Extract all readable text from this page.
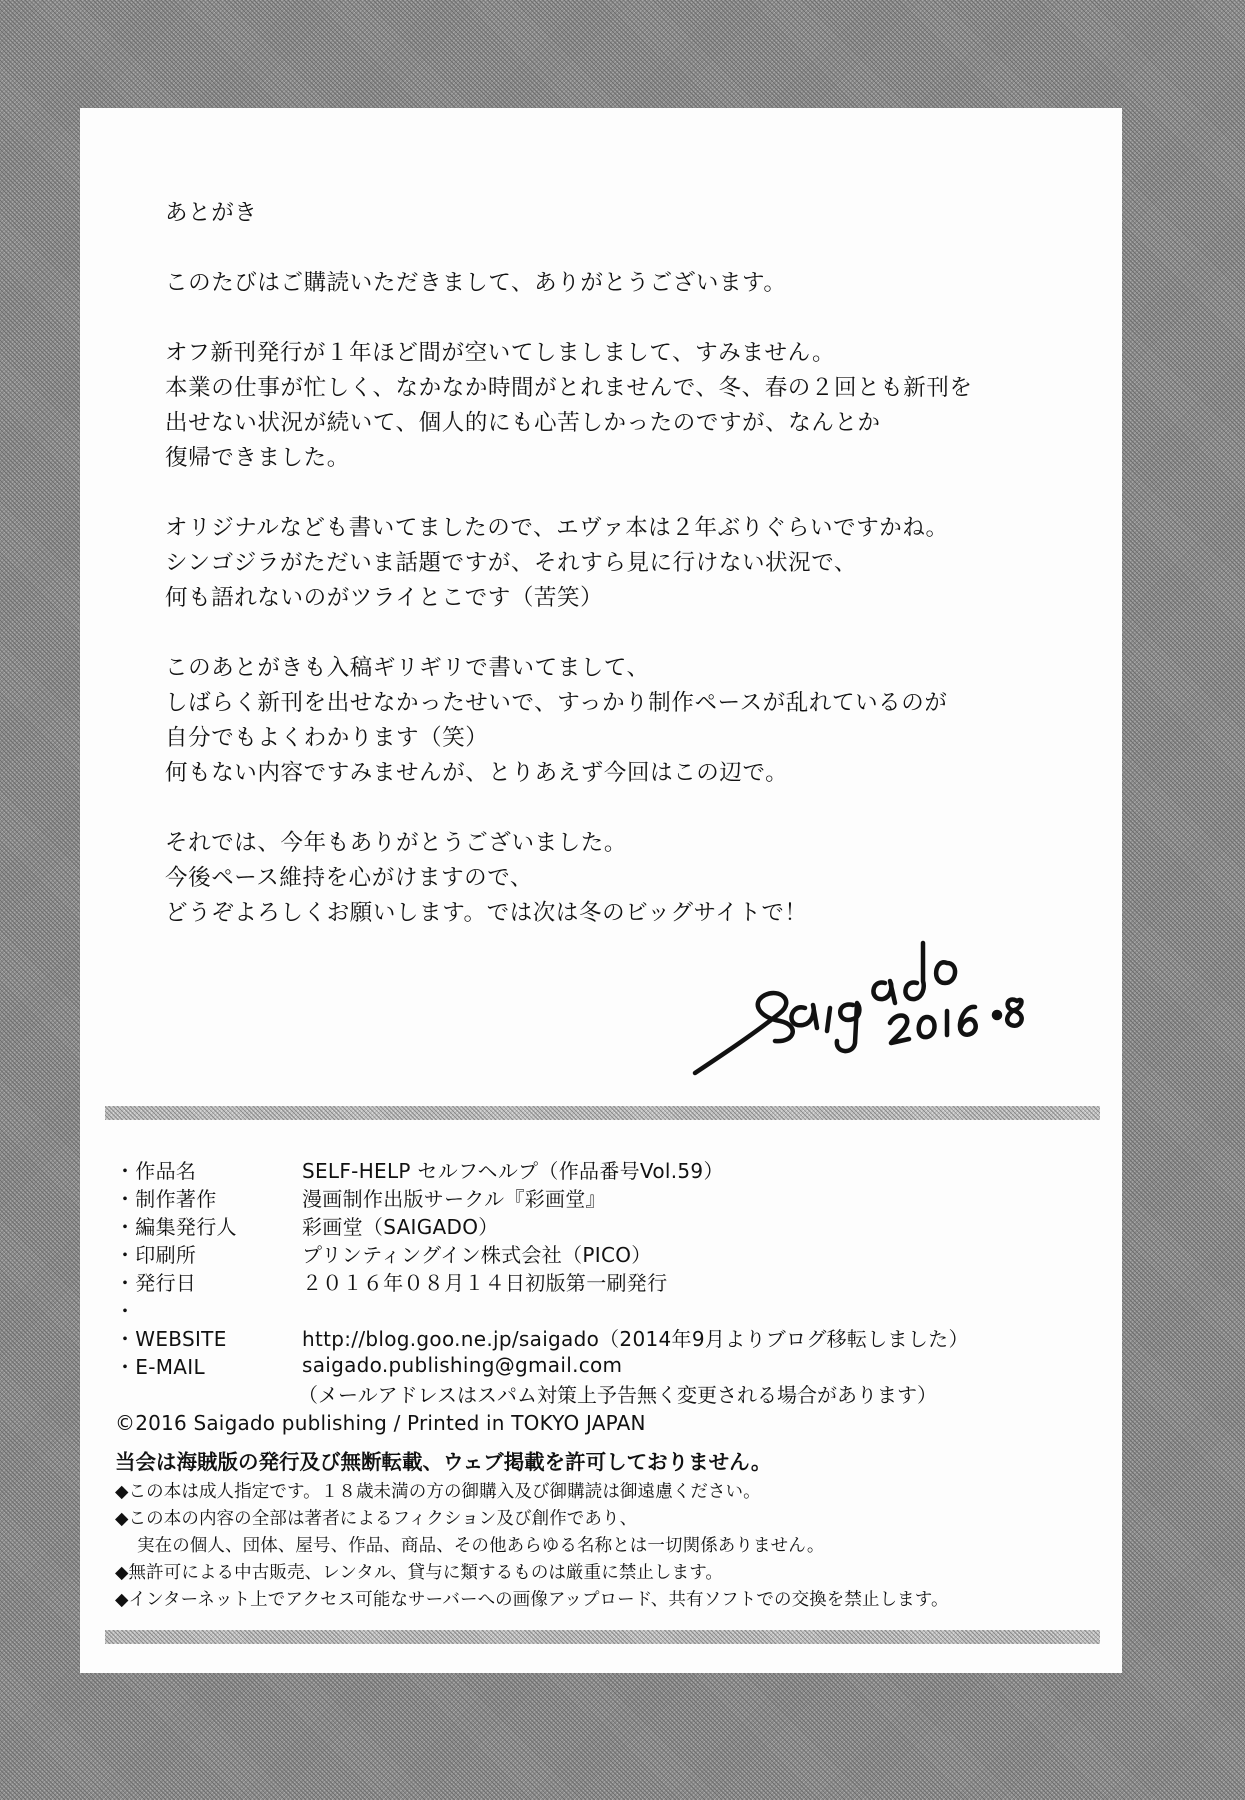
あとがき

このたびはご購読いただきまして、ありがとうございます。

オフ新刊発行が１年ほど間が空いてしましまして、すみません。
本業の仕事が忙しく、なかなか時間がとれませんで、冬、春の２回とも新刊を
出せない状況が続いて、個人的にも心苦しかったのですが、なんとか
復帰できました。

オリジナルなども書いてましたので、エヴァ本は２年ぶりぐらいですかね。
シンゴジラがただいま話題ですが、それすら見に行けない状況で、
何も語れないのがツライとこです（苦笑）

このあとがきも入稿ギリギリで書いてまして、
しばらく新刊を出せなかったせいで、すっかり制作ペースが乱れているのが
自分でもよくわかります（笑）
何もない内容ですみませんが、とりあえず今回はこの辺で。

それでは、今年もありがとうございました。
今後ペース維持を心がけますので、
どうぞよろしくお願いします。では次は冬のビッグサイトで！

・作品名	SELF-HELP セルフヘルプ（作品番号Vol.59）
・制作著作	漫画制作出版サークル『彩画堂』
・編集発行人	彩画堂（SAIGADO）
・印刷所	プリンティングイン株式会社（PICO）
・発行日	２０１６年０８月１４日初版第一刷発行
・
・WEBSITE	http://blog.goo.ne.jp/saigado（2014年9月よりブログ移転しました）
・E-MAIL	saigado.publishing@gmail.com
（メールアドレスはスパム対策上予告無く変更される場合があります）
©2016 Saigado publishing / Printed in TOKYO JAPAN
当会は海賊版の発行及び無断転載、ウェブ掲載を許可しておりません。
◆この本は成人指定です。１８歳未満の方の御購入及び御購読は御遠慮ください。
◆この本の内容の全部は著者によるフィクション及び創作であり、
実在の個人、団体、屋号、作品、商品、その他あらゆる名称とは一切関係ありません。
◆無許可による中古販売、レンタル、貸与に類するものは厳重に禁止します。
◆インターネット上でアクセス可能なサーバーへの画像アップロード、共有ソフトでの交換を禁止します。
